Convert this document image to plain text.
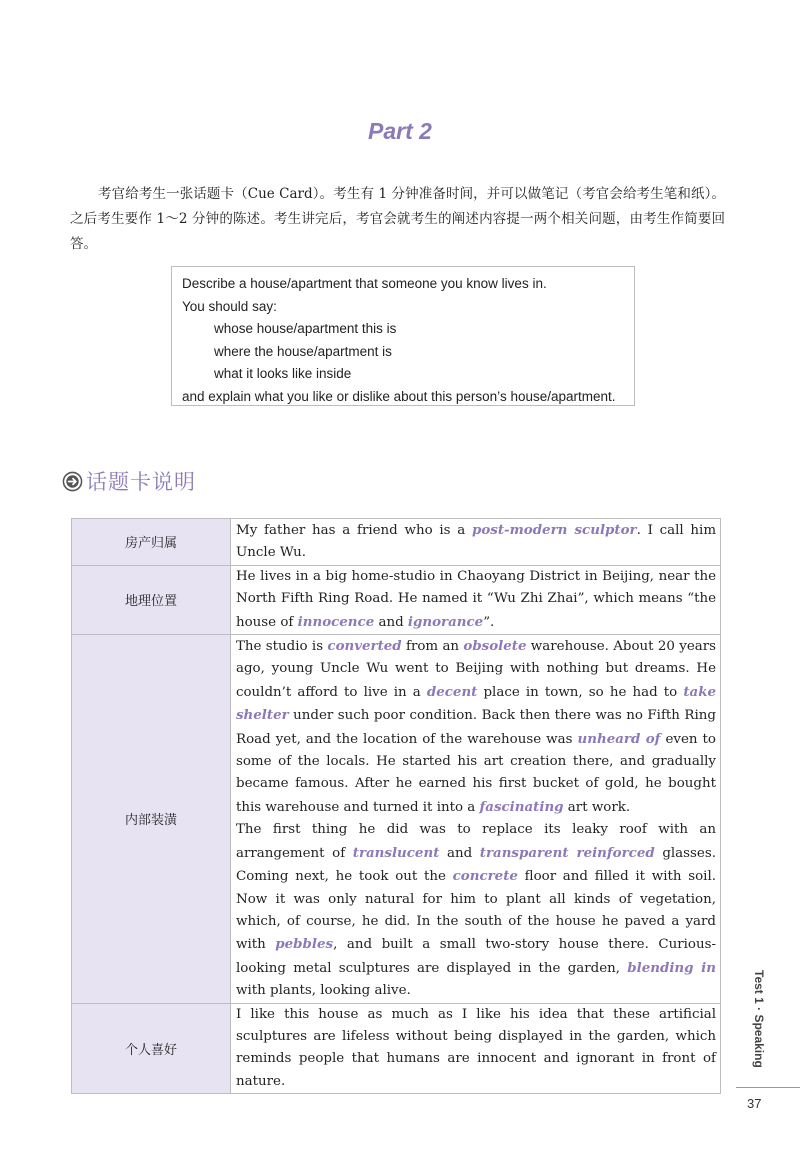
Part 2
考官给考生一张话题卡（Cue Card）。考生有 1 分钟准备时间，并可以做笔记（考官会给考生笔和纸）。之后考生要作 1～2 分钟的陈述。考生讲完后，考官会就考生的阐述内容提一两个相关问题，由考生作简要回答。
Describe a house/apartment that someone you know lives in.
You should say:
whose house/apartment this is
where the house/apartment is
what it looks like inside
and explain what you like or dislike about this person’s house/apartment.
话题卡说明
房产归属	My father has a friend who is a post-modern sculptor. I call him Uncle Wu.
地理位置	He lives in a big home-studio in Chaoyang District in Beijing, near the North Fifth Ring Road. He named it “Wu Zhi Zhai”, which means “the house of innocence and ignorance”.
内部装潢	The studio is converted from an obsolete warehouse. About 20 years ago, young Uncle Wu went to Beijing with nothing but dreams. He couldn’t afford to live in a decent place in town, so he had to take shelter under such poor condition. Back then there was no Fifth Ring Road yet, and the location of the warehouse was unheard of even to some of the locals. He started his art creation there, and gradually became famous. After he earned his first bucket of gold, he bought this warehouse and turned it into a fascinating art work.
The first thing he did was to replace its leaky roof with an arrangement of translucent and transparent reinforced glasses. Coming next, he took out the concrete floor and filled it with soil. Now it was only natural for him to plant all kinds of vegetation, which, of course, he did. In the south of the house he paved a yard with pebbles, and built a small two-story house there. Curious-looking metal sculptures are displayed in the garden, blending in with plants, looking alive.

个人喜好	I like this house as much as I like his idea that these artificial sculptures are lifeless without being displayed in the garden, which reminds people that humans are innocent and ignorant in front of nature.
Test 1 · Speaking
37
